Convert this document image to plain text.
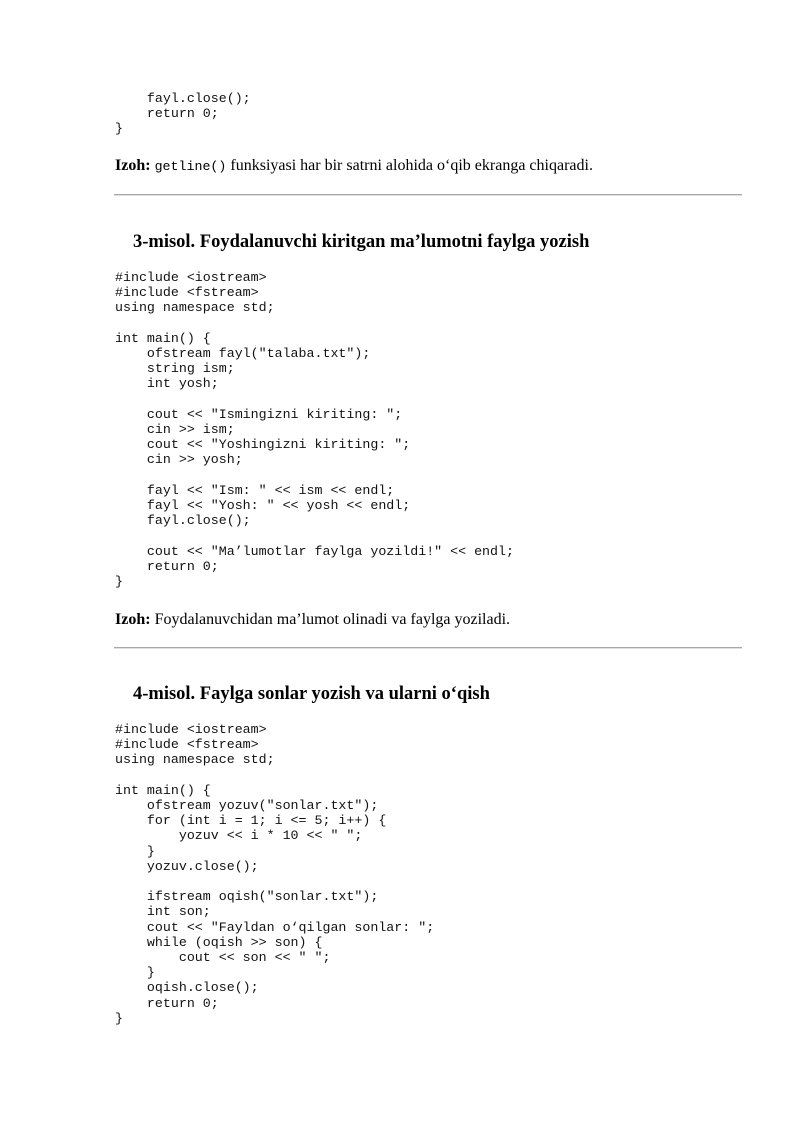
fayl.close();
return 0;
}

Izoh: getline() funksiyasi har bir satrni alohida o‘qib ekranga chiqaradi.

3-misol. Foydalanuvchi kiritgan ma’lumotni faylga yozish
#include <iostream>
#include <fstream>
using namespace std;

int main() {
ofstream fayl("talaba.txt");
string ism;
int yosh;

cout << "Ismingizni kiriting: ";
cin >> ism;
cout << "Yoshingizni kiriting: ";
cin >> yosh;

fayl << "Ism: " << ism << endl;
fayl << "Yosh: " << yosh << endl;
fayl.close();

cout << "Ma’lumotlar faylga yozildi!" << endl;
return 0;
}

Izoh: Foydalanuvchidan ma’lumot olinadi va faylga yoziladi.

4-misol. Faylga sonlar yozish va ularni o‘qish
#include <iostream>
#include <fstream>
using namespace std;

int main() {
ofstream yozuv("sonlar.txt");
for (int i = 1; i <= 5; i++) {
yozuv << i * 10 << " ";
}
yozuv.close();

ifstream oqish("sonlar.txt");
int son;
cout << "Fayldan o‘qilgan sonlar: ";
while (oqish >> son) {
cout << son << " ";
}
oqish.close();
return 0;
}
